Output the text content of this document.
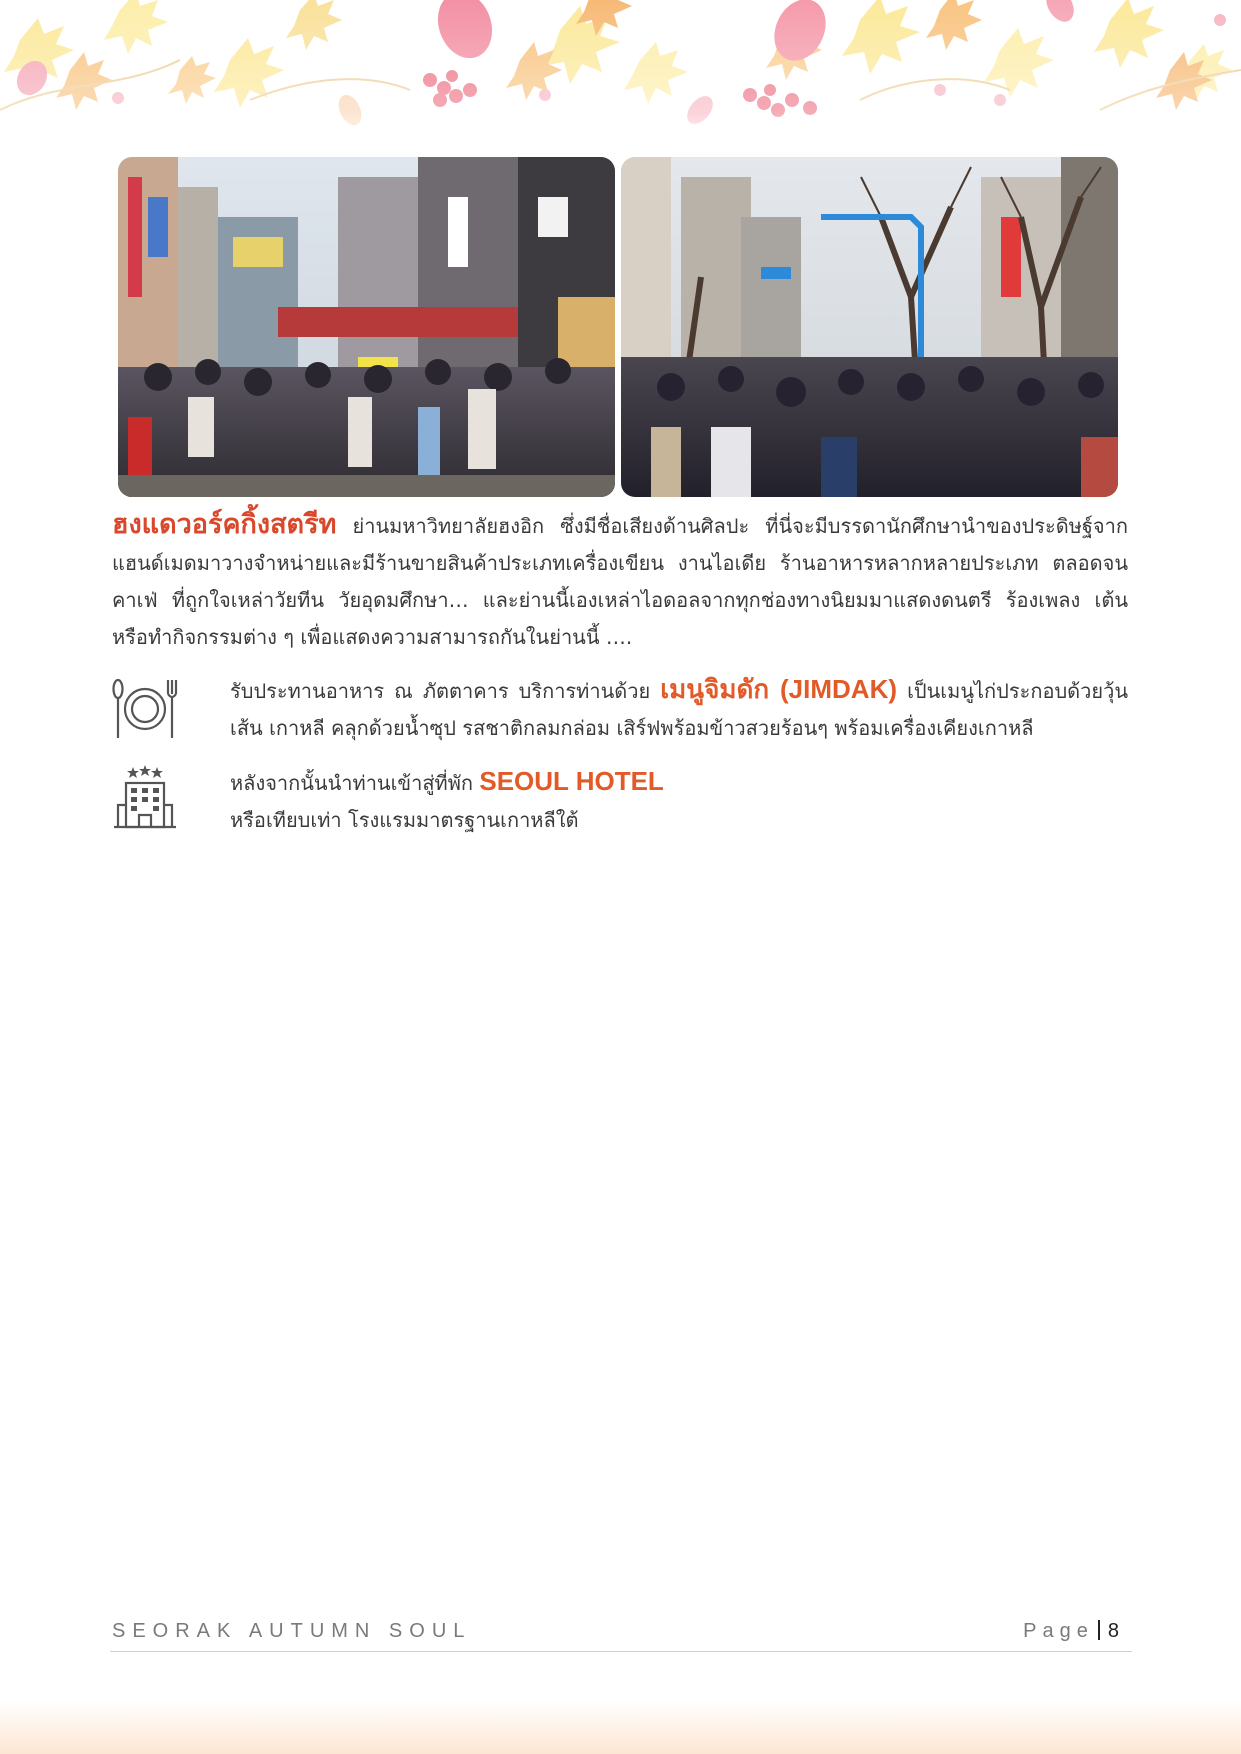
ฮงแดวอร์คกิ้งสตรีท ย่านมหาวิทยาลัยฮงอิก ซึ่งมีชื่อเสียงด้านศิลปะ ที่นี่จะมีบรรดานักศึกษานำของประดิษฐ์จากแฮนด์เมดมาวางจำหน่ายและมีร้านขายสินค้าประเภทเครื่องเขียน งานไอเดีย ร้านอาหารหลากหลายประเภท ตลอดจนคาเฟ่ ที่ถูกใจเหล่าวัยทีน วัยอุดมศึกษา… และย่านนี้เองเหล่าไอดอลจากทุกช่องทางนิยมมาแสดงดนตรี ร้องเพลง เต้น หรือทำกิจกรรมต่าง ๆ เพื่อแสดงความสามารถกันในย่านนี้ ….
รับประทานอาหาร ณ ภัตตาคาร บริการท่านด้วย เมนูจิมดัก (JIMDAK) เป็นเมนูไก่ประกอบด้วยวุ้นเส้น เกาหลี คลุกด้วยน้ำซุป รสชาติกลมกล่อม เสิร์ฟพร้อมข้าวสวยร้อนๆ พร้อมเครื่องเคียงเกาหลี
หลังจากนั้นนำท่านเข้าสู่ที่พัก SEOUL HOTEL
หรือเทียบเท่า โรงแรมมาตรฐานเกาหลีใต้
SEORAK AUTUMN SOUL	Page 8
